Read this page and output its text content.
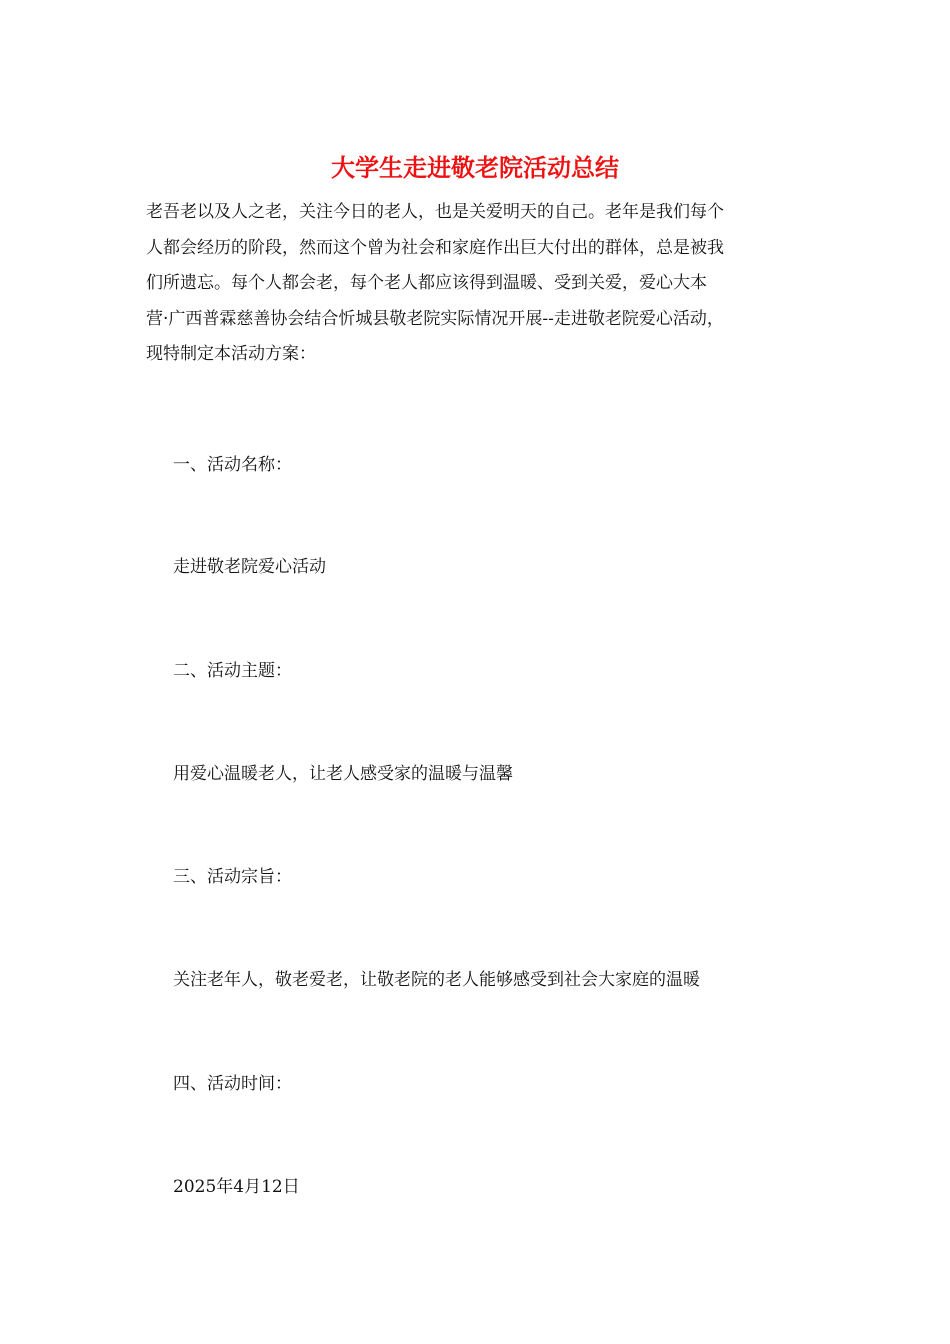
大学生走进敬老院活动总结
老吾老以及人之老，关注今日的老人，也是关爱明天的自己。老年是我们每个
人都会经历的阶段，然而这个曾为社会和家庭作出巨大付出的群体，总是被我
们所遗忘。每个人都会老，每个老人都应该得到温暖、受到关爱，爱心大本
营·广西普霖慈善协会结合忻城县敬老院实际情况开展--走进敬老院爱心活动，
现特制定本活动方案：

一、活动名称：

走进敬老院爱心活动

二、活动主题：

用爱心温暖老人，让老人感受家的温暖与温馨

三、活动宗旨：

关注老年人，敬老爱老，让敬老院的老人能够感受到社会大家庭的温暖

四、活动时间：

2025年4月12日
